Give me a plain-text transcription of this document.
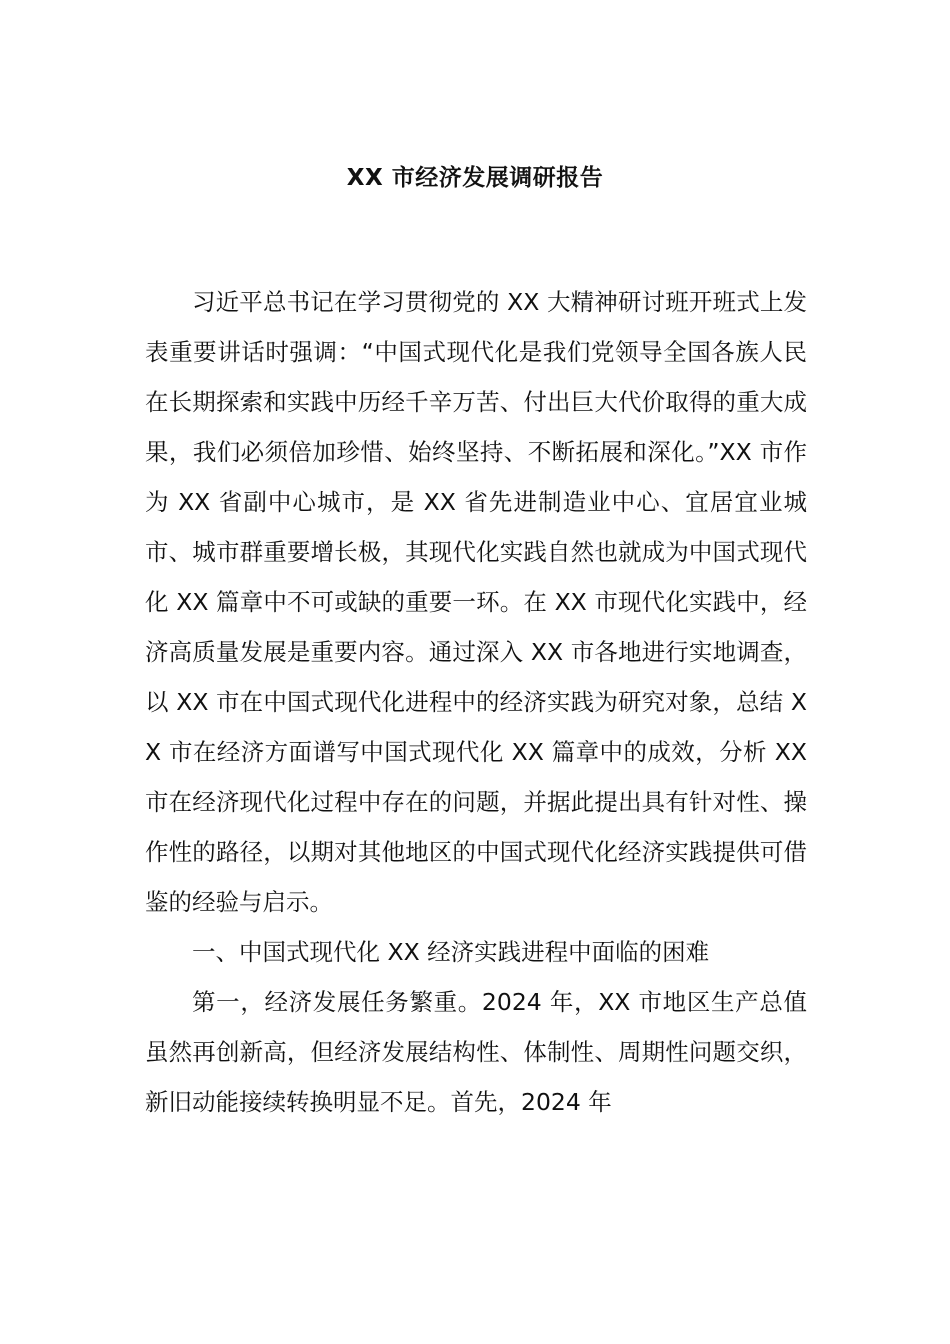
XX 市经济发展调研报告

习近平总书记在学习贯彻党的 XX 大精神研讨班开班式上发表重要讲话时强调：“中国式现代化是我们党领导全国各族人民在长期探索和实践中历经千辛万苦、付出巨大代价取得的重大成果，我们必须倍加珍惜、始终坚持、不断拓展和深化。”XX 市作为 XX 省副中心城市，是 XX 省先进制造业中心、宜居宜业城市、城市群重要增长极，其现代化实践自然也就成为中国式现代化 XX 篇章中不可或缺的重要一环。在 XX 市现代化实践中，经济高质量发展是重要内容。通过深入 XX 市各地进行实地调查，以 XX 市在中国式现代化进程中的经济实践为研究对象，总结 XX 市在经济方面谱写中国式现代化 XX 篇章中的成效，分析 XX 市在经济现代化过程中存在的问题，并据此提出具有针对性、操作性的路径，以期对其他地区的中国式现代化经济实践提供可借鉴的经验与启示。

一、中国式现代化 XX 经济实践进程中面临的困难

第一，经济发展任务繁重。2024 年，XX 市地区生产总值虽然再创新高，但经济发展结构性、体制性、周期性问题交织，新旧动能接续转换明显不足。首先，2024 年
